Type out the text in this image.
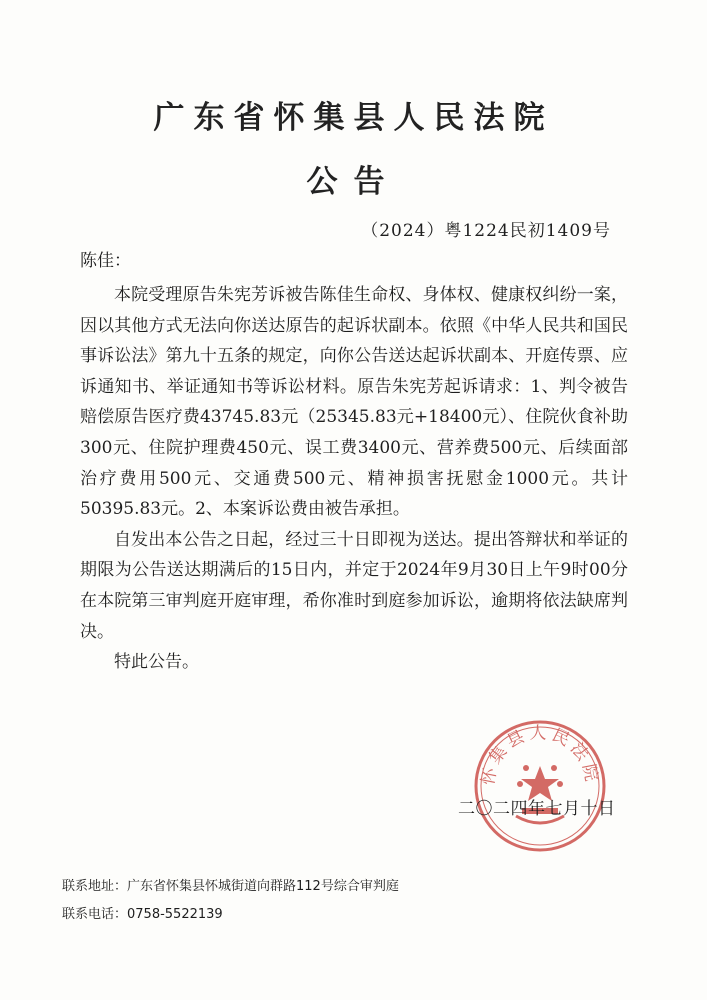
广东省怀集县人民法院
公告
（2024）粤1224民初1409号
陈佳：

本院受理原告朱宪芳诉被告陈佳生命权、身体权、健康权纠纷一案，因以其他方式无法向你送达原告的起诉状副本。依照《中华人民共和国民事诉讼法》第九十五条的规定，向你公告送达起诉状副本、开庭传票、应诉通知书、举证通知书等诉讼材料。原告朱宪芳起诉请求：1、判令被告赔偿原告医疗费43745.83元（25345.83元+18400元）、住院伙食补助300元、住院护理费450元、误工费3400元、营养费500元、后续面部治疗费用500元、交通费500元、精神损害抚慰金1000元。共计50395.83元。2、本案诉讼费由被告承担。

自发出本公告之日起，经过三十日即视为送达。提出答辩状和举证的期限为公告送达期满后的15日内，并定于2024年9月30日上午9时00分在本院第三审判庭开庭审理，希你准时到庭参加诉讼，逾期将依法缺席判决。

特此公告。

怀集县人民法院
二〇二四年七月十日
联系地址：广东省怀集县怀城街道向群路112号综合审判庭
联系电话：0758-5522139
